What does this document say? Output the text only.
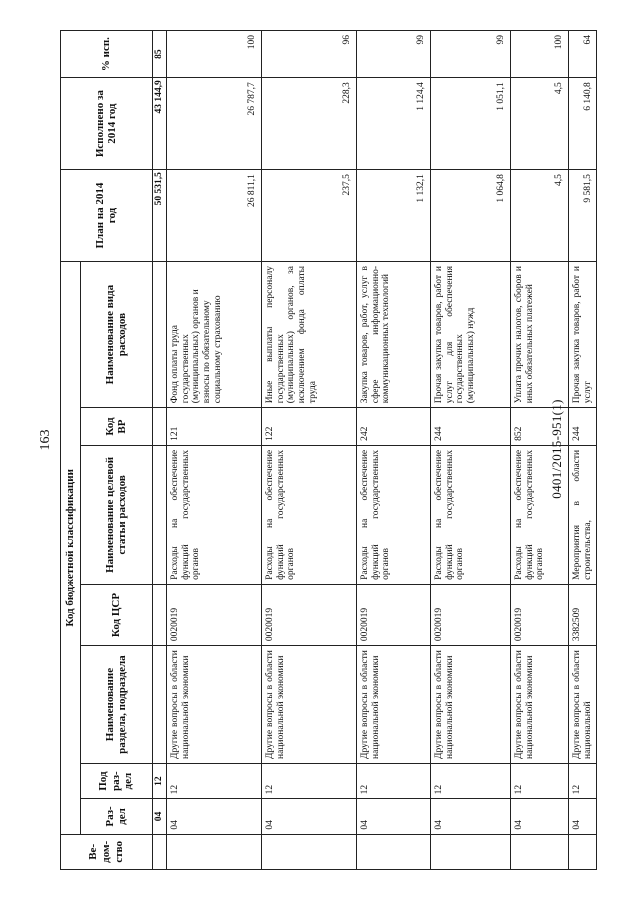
163
Ве-дом-ство	Код бюджетной классификации							План на 2014 год	Исполнено за 2014 год	% исп.
	Раз-дел	Под раз-дел	Наименование раздела, подраздела	Код ЦСР	Наименование целевой статьи расходов	Код ВР	Наименование вида расходов			
	04	12						50 531,5	43 144,9	85
	04	12	Другие вопросы в области национальной экономики	0020019	Расходы на обеспечение функций государственных органов	121	Фонд оплаты труда государственных (муниципальных) органов и взносы по обязательному социальному страхованию	26 811,1	26 787,7	100
	04	12	Другие вопросы в области национальной экономики	0020019	Расходы на обеспечение функций государственных органов	122	Иные выплаты персоналу государственных (муниципальных) органов, за исключением фонда оплаты труда	237,5	228,3	96
	04	12	Другие вопросы в области национальной экономики	0020019	Расходы на обеспечение функций государственных органов	242	Закупка товаров, работ, услуг в сфере информационно-коммуникационных технологий	1 132,1	1 124,4	99
	04	12	Другие вопросы в области национальной экономики	0020019	Расходы на обеспечение функций государственных органов	244	Прочая закупка товаров, работ и услуг для обеспечения государственных (муниципальных) нужд	1 064,8	1 051,1	99
	04	12	Другие вопросы в области национальной экономики	0020019	Расходы на обеспечение функций государственных органов	852	Уплата прочих налогов, сборов и иных обязательных платежей	4,5	4,5	100
	04	12	Другие вопросы в области национальной	3382509	Мероприятия в области строительства,	244	Прочая закупка товаров, работ и услуг	9 581,5	6 140,8	64
0401/2015-951(1)
